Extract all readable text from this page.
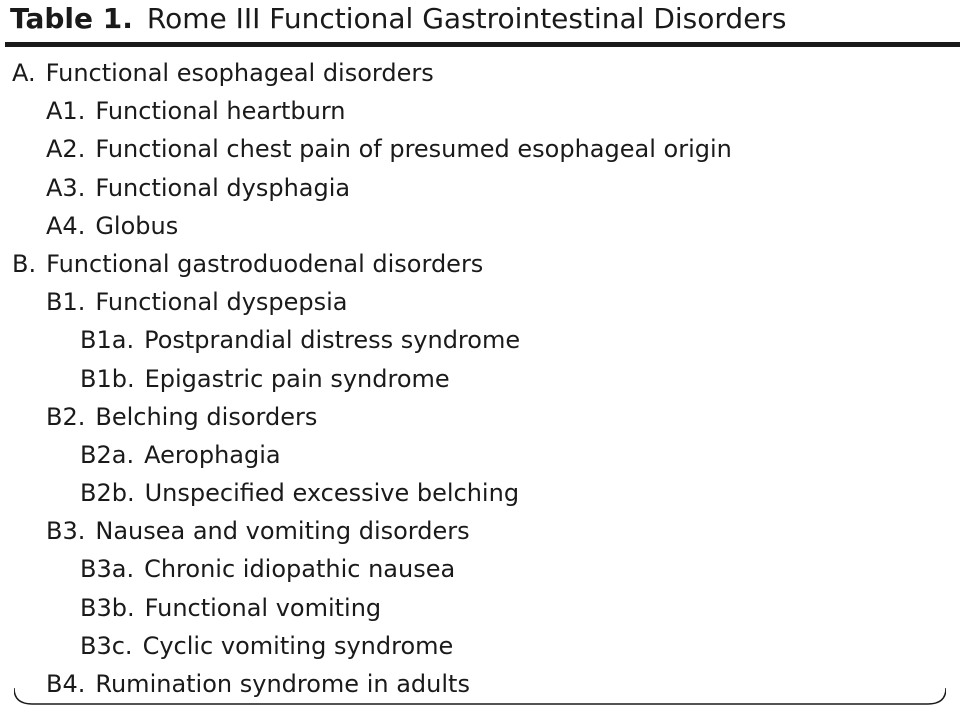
Table 1. Rome III Functional Gastrointestinal Disorders
A. Functional esophageal disorders
A1. Functional heartburn
A2. Functional chest pain of presumed esophageal origin
A3. Functional dysphagia
A4. Globus
B. Functional gastroduodenal disorders
B1. Functional dyspepsia
B1a. Postprandial distress syndrome
B1b. Epigastric pain syndrome
B2. Belching disorders
B2a. Aerophagia
B2b. Unspecified excessive belching
B3. Nausea and vomiting disorders
B3a. Chronic idiopathic nausea
B3b. Functional vomiting
B3c. Cyclic vomiting syndrome
B4. Rumination syndrome in adults
